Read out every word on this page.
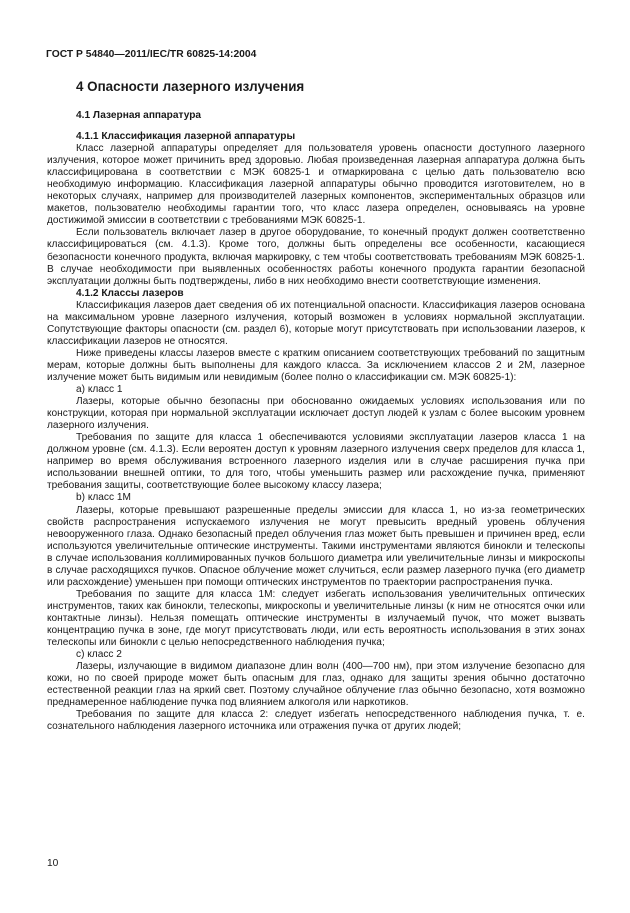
ГОСТ Р 54840—2011/IEC/TR 60825-14:2004
4 Опасности лазерного излучения

4.1 Лазерная аппаратура

4.1.1 Классификация лазерной аппаратуры

Класс лазерной аппаратуры определяет для пользователя уровень опасности доступного лазерного излучения, которое может причинить вред здоровью. Любая произведенная лазерная аппаратура должна быть классифицирована в соответствии с МЭК 60825-1 и отмаркирована с целью дать пользователю всю необходимую информацию. Классификация лазерной аппаратуры обычно проводится изготовителем, но в некоторых случаях, например для производителей лазерных компонентов, экспериментальных образцов или макетов, пользователю необходимы гарантии того, что класс лазера определен, основываясь на уровне достижимой эмиссии в соответствии с требованиями МЭК 60825-1.

Если пользователь включает лазер в другое оборудование, то конечный продукт должен соответственно классифицироваться (см. 4.1.3). Кроме того, должны быть определены все особенности, касающиеся безопасности конечного продукта, включая маркировку, с тем чтобы соответствовать требованиям МЭК 60825-1. В случае необходимости при выявленных особенностях работы конечного продукта гарантии безопасной эксплуатации должны быть подтверждены, либо в них необходимо внести соответствующие изменения.

4.1.2 Классы лазеров

Классификация лазеров дает сведения об их потенциальной опасности. Классификация лазеров основана на максимальном уровне лазерного излучения, который возможен в условиях нормальной эксплуатации. Сопутствующие факторы опасности (см. раздел 6), которые могут присутствовать при использовании лазеров, к классификации лазеров не относятся.

Ниже приведены классы лазеров вместе с кратким описанием соответствующих требований по защитным мерам, которые должны быть выполнены для каждого класса. За исключением классов 2 и 2M, лазерное излучение может быть видимым или невидимым (более полно о классификации см. МЭК 60825-1):

a) класс 1

Лазеры, которые обычно безопасны при обоснованно ожидаемых условиях использования или по конструкции, которая при нормальной эксплуатации исключает доступ людей к узлам с более высоким уровнем лазерного излучения.

Требования по защите для класса 1 обеспечиваются условиями эксплуатации лазеров класса 1 на должном уровне (см. 4.1.3). Если вероятен доступ к уровням лазерного излучения сверх пределов для класса 1, например во время обслуживания встроенного лазерного изделия или в случае расширения пучка при использовании внешней оптики, то для того, чтобы уменьшить размер или расхождение пучка, применяют требования защиты, соответствующие более высокому классу лазера;

b) класс 1M

Лазеры, которые превышают разрешенные пределы эмиссии для класса 1, но из-за геометрических свойств распространения испускаемого излучения не могут превысить вредный уровень облучения невооруженного глаза. Однако безопасный предел облучения глаз может быть превышен и причинен вред, если используются увеличительные оптические инструменты. Такими инструментами являются бинокли и телескопы в случае использования коллимированных пучков большого диаметра или увеличительные линзы и микроскопы в случае расходящихся пучков. Опасное облучение может случиться, если размер лазерного пучка (его диаметр или расхождение) уменьшен при помощи оптических инструментов по траектории распространения пучка.

Требования по защите для класса 1M: следует избегать использования увеличительных оптических инструментов, таких как бинокли, телескопы, микроскопы и увеличительные линзы (к ним не относятся очки или контактные линзы). Нельзя помещать оптические инструменты в излучаемый пучок, что может вызвать концентрацию пучка в зоне, где могут присутствовать люди, или есть вероятность использования в этих зонах телескопы или бинокли с целью непосредственного наблюдения пучка;

c) класс 2

Лазеры, излучающие в видимом диапазоне длин волн (400—700 нм), при этом излучение безопасно для кожи, но по своей природе может быть опасным для глаз, однако для защиты зрения обычно достаточно естественной реакции глаз на яркий свет. Поэтому случайное облучение глаз обычно безопасно, хотя возможно преднамеренное наблюдение пучка под влиянием алкоголя или наркотиков.

Требования по защите для класса 2: следует избегать непосредственного наблюдения пучка, т. е. сознательного наблюдения лазерного источника или отражения пучка от других людей;

10
